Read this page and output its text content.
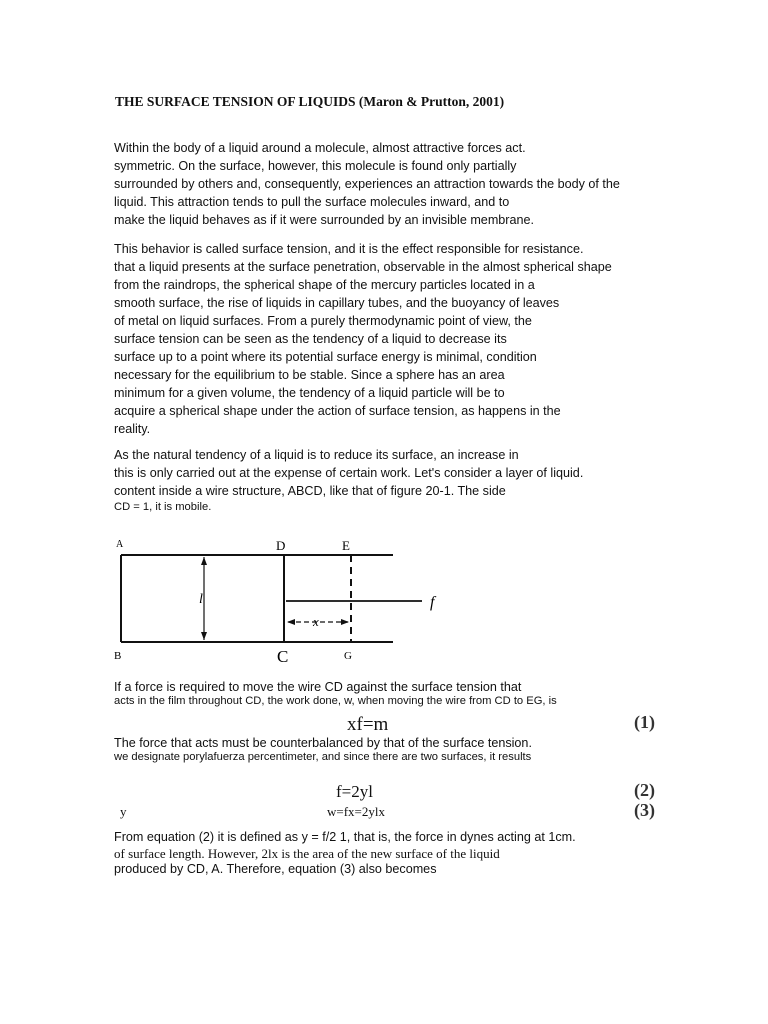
THE SURFACE TENSION OF LIQUIDS (Maron & Prutton, 2001)
Within the body of a liquid around a molecule, almost attractive forces act.
symmetric. On the surface, however, this molecule is found only partially
surrounded by others and, consequently, experiences an attraction towards the body of the
liquid. This attraction tends to pull the surface molecules inward, and to
make the liquid behaves as if it were surrounded by an invisible membrane.
This behavior is called surface tension, and it is the effect responsible for resistance.
that a liquid presents at the surface penetration, observable in the almost spherical shape
from the raindrops, the spherical shape of the mercury particles located in a
smooth surface, the rise of liquids in capillary tubes, and the buoyancy of leaves
of metal on liquid surfaces. From a purely thermodynamic point of view, the
surface tension can be seen as the tendency of a liquid to decrease its
surface up to a point where its potential surface energy is minimal, condition
necessary for the equilibrium to be stable. Since a sphere has an area
minimum for a given volume, the tendency of a liquid particle will be to
acquire a spherical shape under the action of surface tension, as happens in the
reality.
As the natural tendency of a liquid is to reduce its surface, an increase in
this is only carried out at the expense of certain work. Let's consider a layer of liquid.
content inside a wire structure, ABCD, like that of figure 20-1. The side
CD = 1, it is mobile.
A	D	E
B	C	G
l
x
f
If a force is required to move the wire CD against the surface tension that
acts in the film throughout CD, the work done, w, when moving the wire from CD to EG, is
xf=m	(1)
The force that acts must be counterbalanced by that of the surface tension.
we designate porylafuerza percentimeter, and since there are two surfaces, it results
f=2yl	(2)
y	w=fx=2ylx	(3)
From equation (2) it is defined as y = f/2 1, that is, the force in dynes acting at 1cm.
of surface length. However, 2lx is the area of the new surface of the liquid
produced by CD, A. Therefore, equation (3) also becomes
